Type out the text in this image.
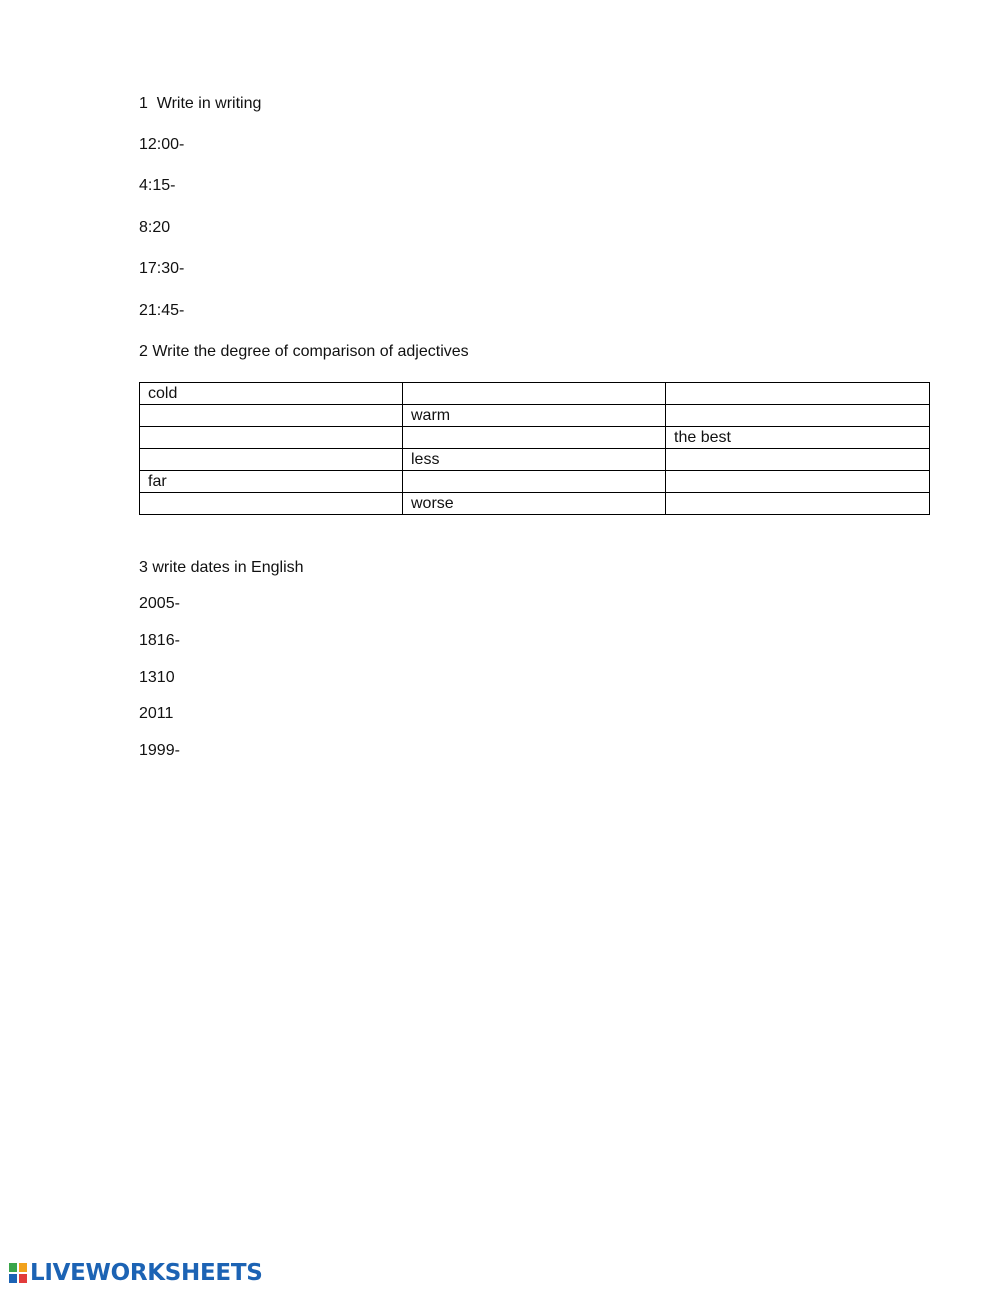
1  Write in writing
12:00-
4:15-
8:20
17:30-
21:45-
2 Write the degree of comparison of adjectives
cold		
	warm	
		the best
	less	
far		
	worse	
3 write dates in English
2005-
1816-
1310
2011
1999-
LIVEWORKSHEETS
